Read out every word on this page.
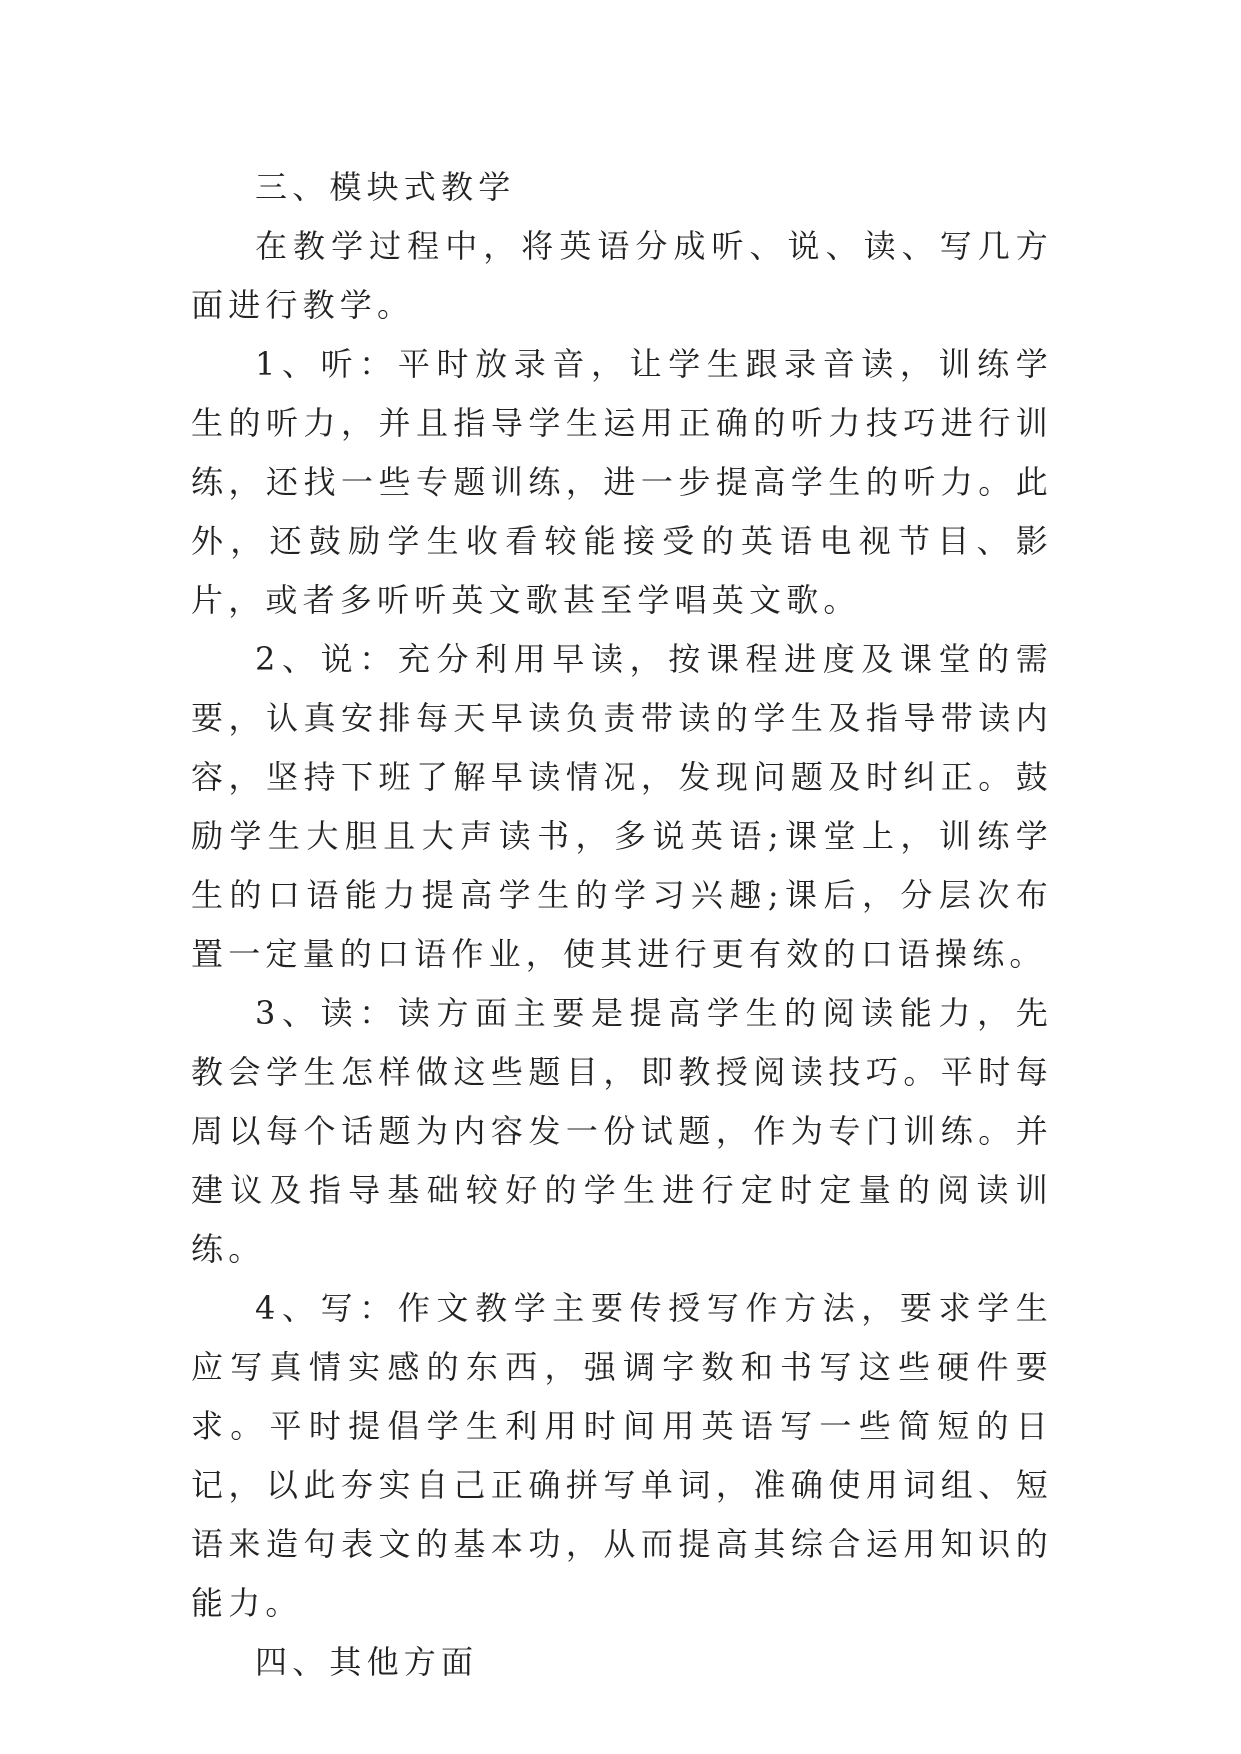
三、模块式教学

在教学过程中，将英语分成听、说、读、写几方面进行教学。

1、听：平时放录音，让学生跟录音读，训练学生的听力，并且指导学生运用正确的听力技巧进行训练，还找一些专题训练，进一步提高学生的听力。此外，还鼓励学生收看较能接受的英语电视节目、影片，或者多听听英文歌甚至学唱英文歌。

2、说：充分利用早读，按课程进度及课堂的需要，认真安排每天早读负责带读的学生及指导带读内容，坚持下班了解早读情况，发现问题及时纠正。鼓励学生大胆且大声读书，多说英语;课堂上，训练学生的口语能力提高学生的学习兴趣;课后，分层次布置一定量的口语作业，使其进行更有效的口语操练。

3、读：读方面主要是提高学生的阅读能力，先教会学生怎样做这些题目，即教授阅读技巧。平时每周以每个话题为内容发一份试题，作为专门训练。并建议及指导基础较好的学生进行定时定量的阅读训练。

4、写：作文教学主要传授写作方法，要求学生应写真情实感的东西，强调字数和书写这些硬件要求。平时提倡学生利用时间用英语写一些简短的日记，以此夯实自己正确拼写单词，准确使用词组、短语来造句表文的基本功，从而提高其综合运用知识的能力。

四、其他方面
